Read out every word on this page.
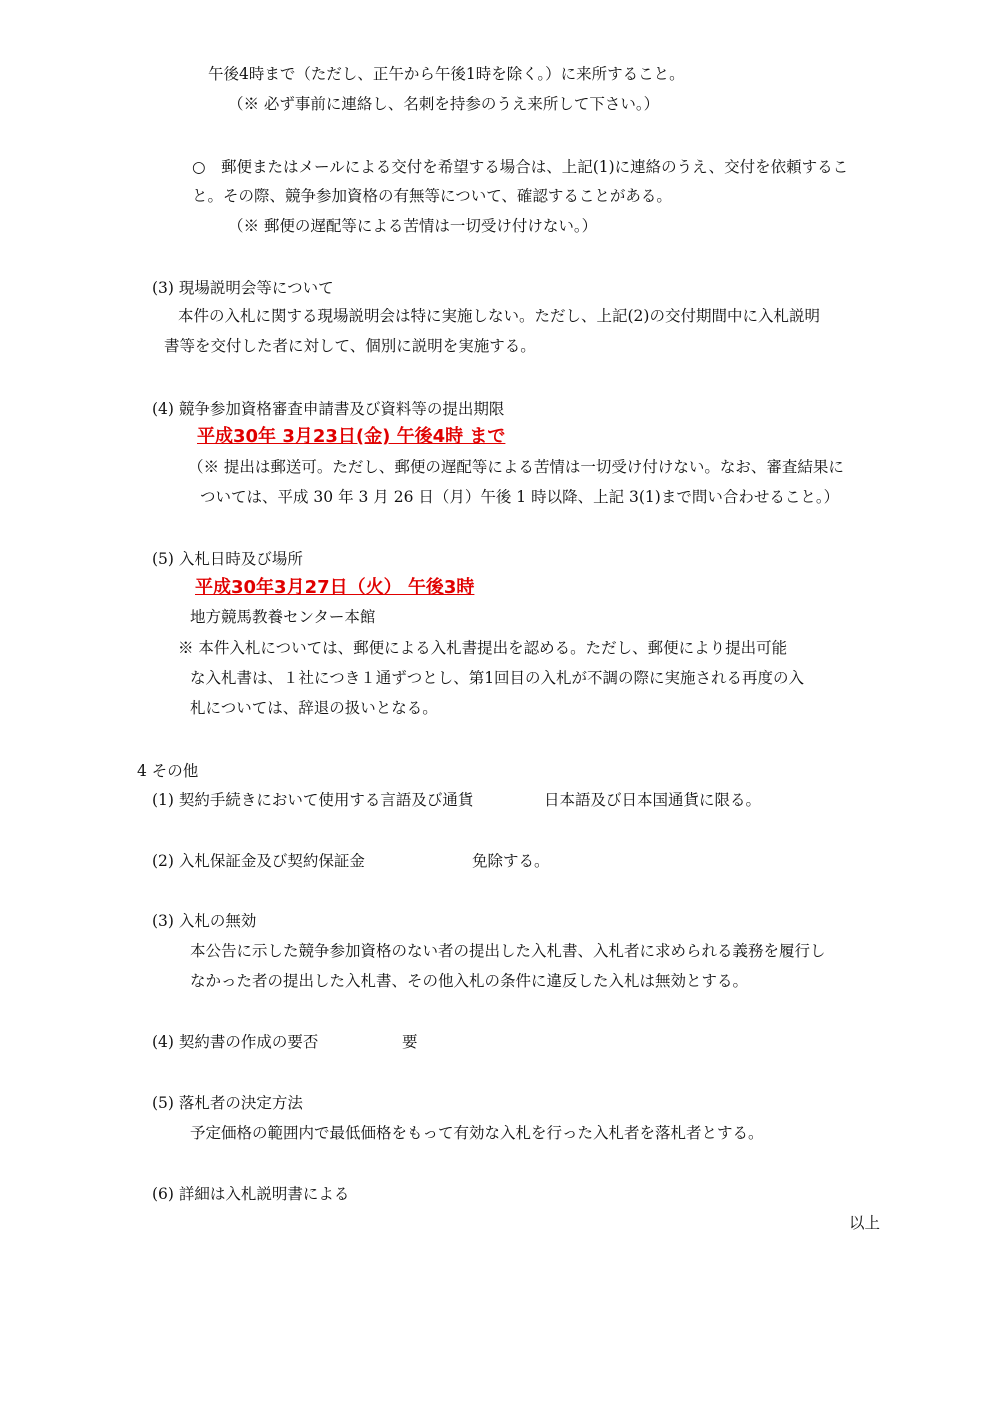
午後4時まで（ただし、正午から午後1時を除く。）に来所すること。
（※ 必ず事前に連絡し、名刺を持参のうえ来所して下さい。）
○　郵便またはメールによる交付を希望する場合は、上記(1)に連絡のうえ、交付を依頼するこ
と。その際、競争参加資格の有無等について、確認することがある。
（※ 郵便の遅配等による苦情は一切受け付けない。）
(3) 現場説明会等について
本件の入札に関する現場説明会は特に実施しない。ただし、上記(2)の交付期間中に入札説明
書等を交付した者に対して、個別に説明を実施する。
(4) 競争参加資格審査申請書及び資料等の提出期限
平成30年 3月23日(金) 午後4時 まで
（※ 提出は郵送可。ただし、郵便の遅配等による苦情は一切受け付けない。なお、審査結果に
ついては、平成 30 年 3 月 26 日（月）午後 1 時以降、上記 3(1)まで問い合わせること。）
(5) 入札日時及び場所
平成30年3月27日（火） 午後3時
地方競馬教養センター本館
※ 本件入札については、郵便による入札書提出を認める。ただし、郵便により提出可能
な入札書は、１社につき１通ずつとし、第1回目の入札が不調の際に実施される再度の入
札については、辞退の扱いとなる。
4 その他
(1) 契約手続きにおいて使用する言語及び通貨	日本語及び日本国通貨に限る。
(2) 入札保証金及び契約保証金	免除する。
(3) 入札の無効
本公告に示した競争参加資格のない者の提出した入札書、入札者に求められる義務を履行し
なかった者の提出した入札書、その他入札の条件に違反した入札は無効とする。
(4) 契約書の作成の要否	要
(5) 落札者の決定方法
予定価格の範囲内で最低価格をもって有効な入札を行った入札者を落札者とする。
(6) 詳細は入札説明書による
以上
